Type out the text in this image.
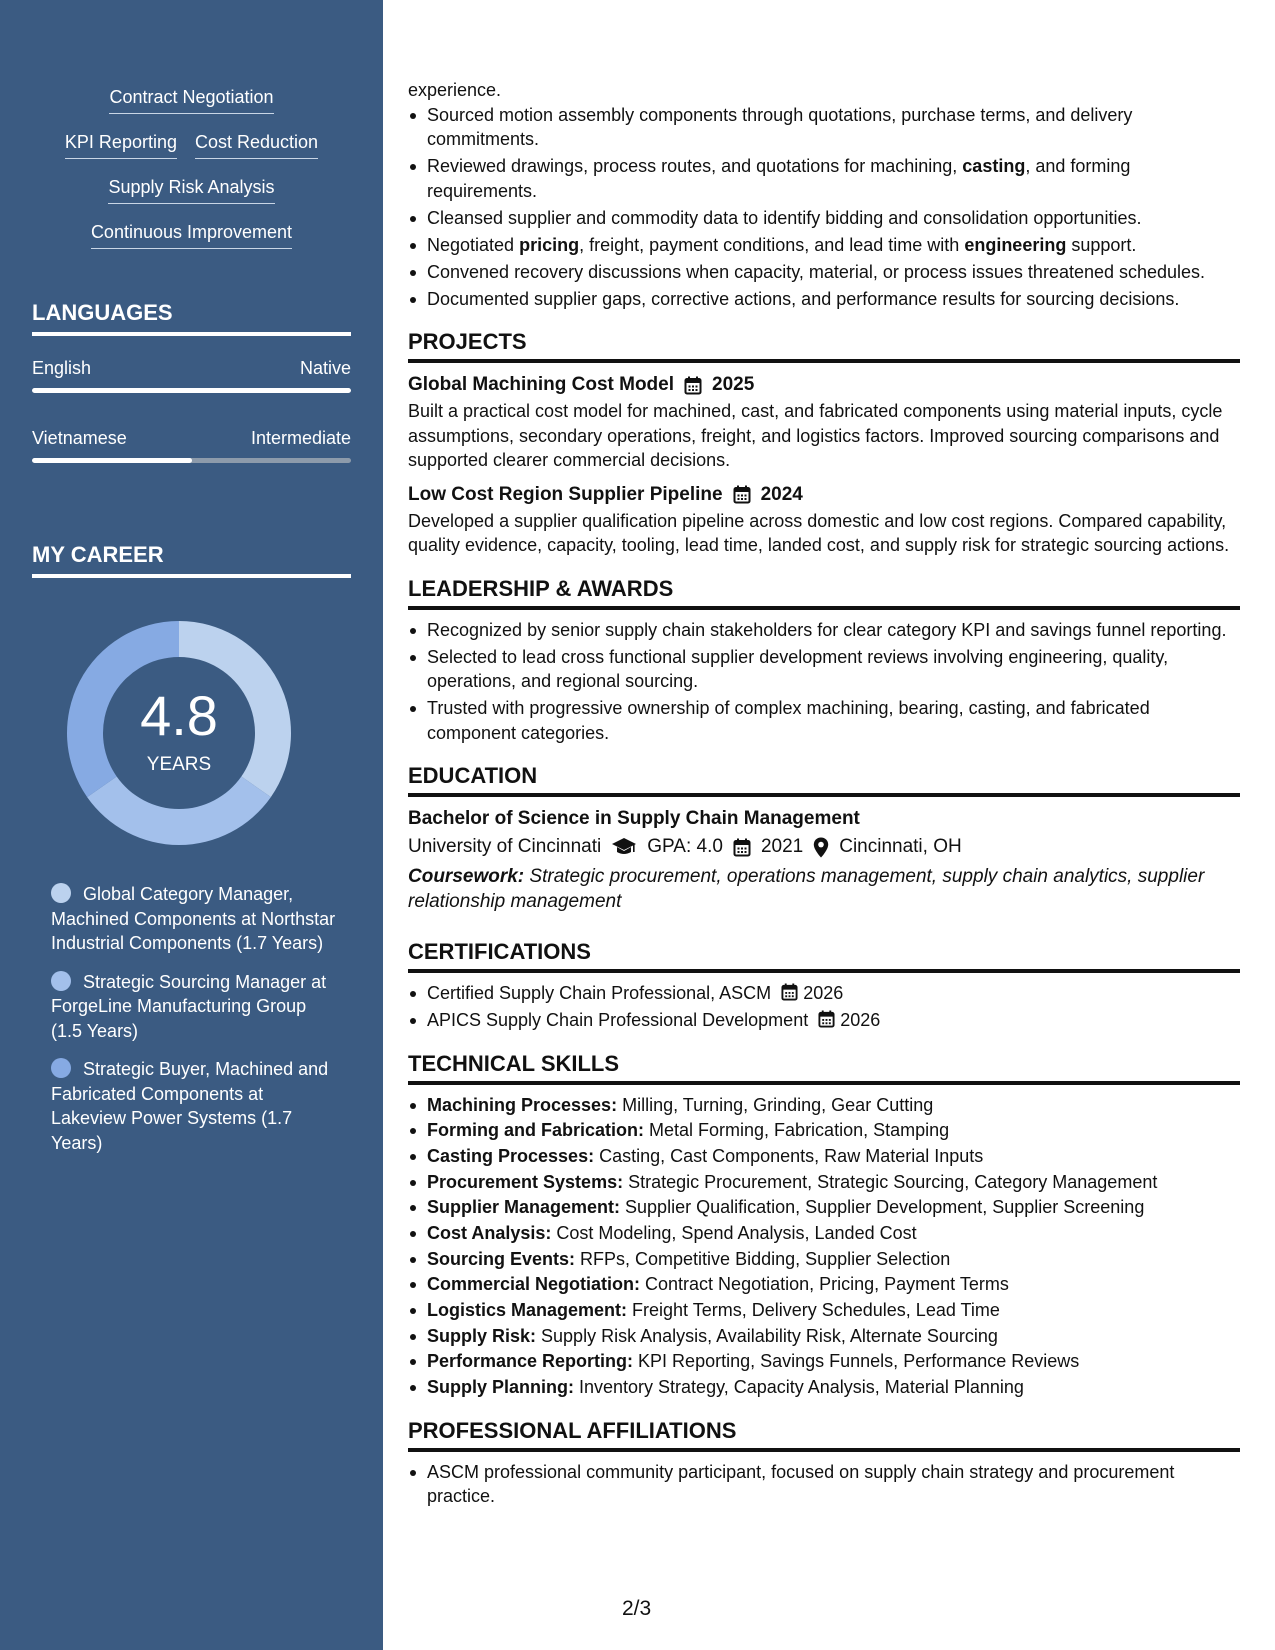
Contract Negotiation
KPI Reporting Cost Reduction
Supply Risk Analysis
Continuous Improvement
LANGUAGES
English	Native
Vietnamese	Intermediate
MY CAREER
4.8
YEARS
Global Category Manager, Machined Components at Northstar Industrial Components (1.7 Years)
Strategic Sourcing Manager at ForgeLine Manufacturing Group (1.5 Years)
Strategic Buyer, Machined and Fabricated Components at Lakeview Power Systems (1.7 Years)
experience.
Sourced motion assembly components through quotations, purchase terms, and delivery commitments.
Reviewed drawings, process routes, and quotations for machining, casting, and forming requirements.
Cleansed supplier and commodity data to identify bidding and consolidation opportunities.
Negotiated pricing, freight, payment conditions, and lead time with engineering support.
Convened recovery discussions when capacity, material, or process issues threatened schedules.
Documented supplier gaps, corrective actions, and performance results for sourcing decisions.
PROJECTS
Global Machining Cost Model 2025
Built a practical cost model for machined, cast, and fabricated components using material inputs, cycle assumptions, secondary operations, freight, and logistics factors. Improved sourcing comparisons and supported clearer commercial decisions.
Low Cost Region Supplier Pipeline 2024
Developed a supplier qualification pipeline across domestic and low cost regions. Compared capability, quality evidence, capacity, tooling, lead time, landed cost, and supply risk for strategic sourcing actions.
LEADERSHIP & AWARDS
Recognized by senior supply chain stakeholders for clear category KPI and savings funnel reporting.
Selected to lead cross functional supplier development reviews involving engineering, quality, operations, and regional sourcing.
Trusted with progressive ownership of complex machining, bearing, casting, and fabricated component categories.
EDUCATION
Bachelor of Science in Supply Chain Management
University of Cincinnati GPA: 4.0 2021 Cincinnati, OH
Coursework: Strategic procurement, operations management, supply chain analytics, supplier relationship management
CERTIFICATIONS
Certified Supply Chain Professional, ASCM 2026
APICS Supply Chain Professional Development 2026
TECHNICAL SKILLS
Machining Processes: Milling, Turning, Grinding, Gear Cutting
Forming and Fabrication: Metal Forming, Fabrication, Stamping
Casting Processes: Casting, Cast Components, Raw Material Inputs
Procurement Systems: Strategic Procurement, Strategic Sourcing, Category Management
Supplier Management: Supplier Qualification, Supplier Development, Supplier Screening
Cost Analysis: Cost Modeling, Spend Analysis, Landed Cost
Sourcing Events: RFPs, Competitive Bidding, Supplier Selection
Commercial Negotiation: Contract Negotiation, Pricing, Payment Terms
Logistics Management: Freight Terms, Delivery Schedules, Lead Time
Supply Risk: Supply Risk Analysis, Availability Risk, Alternate Sourcing
Performance Reporting: KPI Reporting, Savings Funnels, Performance Reviews
Supply Planning: Inventory Strategy, Capacity Analysis, Material Planning
PROFESSIONAL AFFILIATIONS
ASCM professional community participant, focused on supply chain strategy and procurement practice.
2/3
